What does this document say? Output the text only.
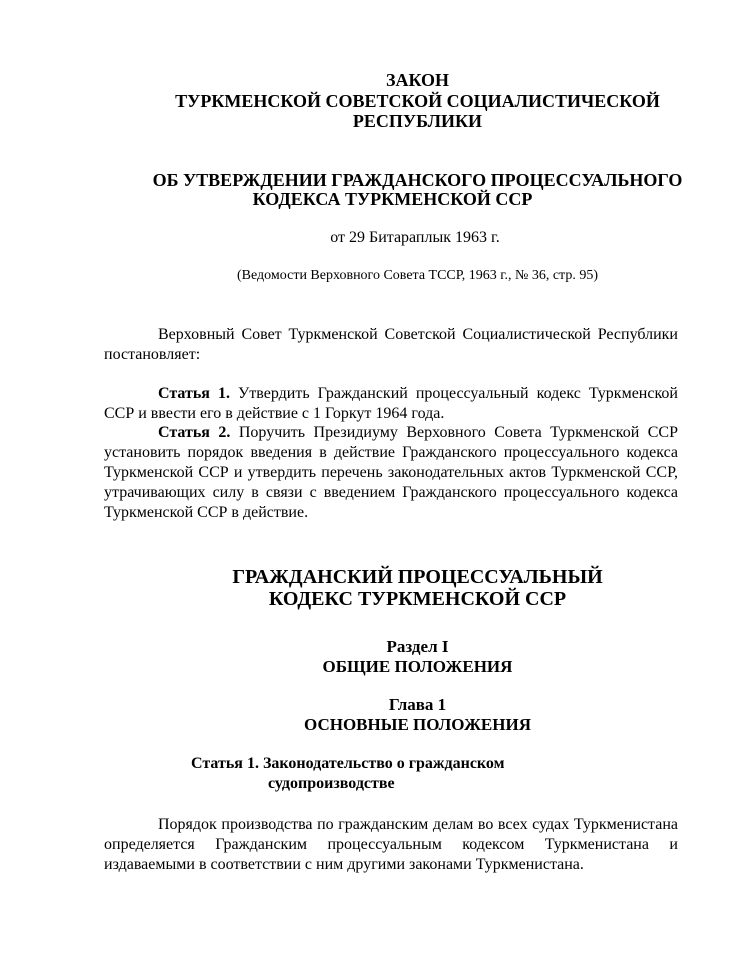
ЗАКОН
ТУРКМЕНСКОЙ СОВЕТСКОЙ СОЦИАЛИСТИЧЕСКОЙ
РЕСПУБЛИКИ
ОБ УТВЕРЖДЕНИИ ГРАЖДАНСКОГО ПРОЦЕССУАЛЬНОГО
КОДЕКСА ТУРКМЕНСКОЙ ССР
от 29 Битараплык 1963 г.
(Ведомости Верховного Совета ТССР, 1963 г., № 36, стр. 95)
Верховный Совет Туркменской Советской Социалистической Республики постановляет:
Статья 1. Утвердить Гражданский процессуальный кодекс Туркменской ССР и ввести его в действие с 1 Горкут 1964 года.
Статья 2. Поручить Президиуму Верховного Совета Туркменской ССР установить порядок введения в действие Гражданского процессуального кодекса Туркменской ССР и утвердить перечень законодательных актов Туркменской ССР, утрачивающих силу в связи с введением Гражданского процессуального кодекса Туркменской ССР в действие.
ГРАЖДАНСКИЙ ПРОЦЕССУАЛЬНЫЙ
КОДЕКС ТУРКМЕНСКОЙ ССР
Раздел I
ОБЩИЕ ПОЛОЖЕНИЯ
Глава 1
ОСНОВНЫЕ ПОЛОЖЕНИЯ
Статья 1. Законодательство о гражданском
судопроизводстве
Порядок производства по гражданским делам во всех судах Туркменистана определяется Гражданским процессуальным кодексом Туркменистана и издаваемыми в соответствии с ним другими законами Туркменистана.
